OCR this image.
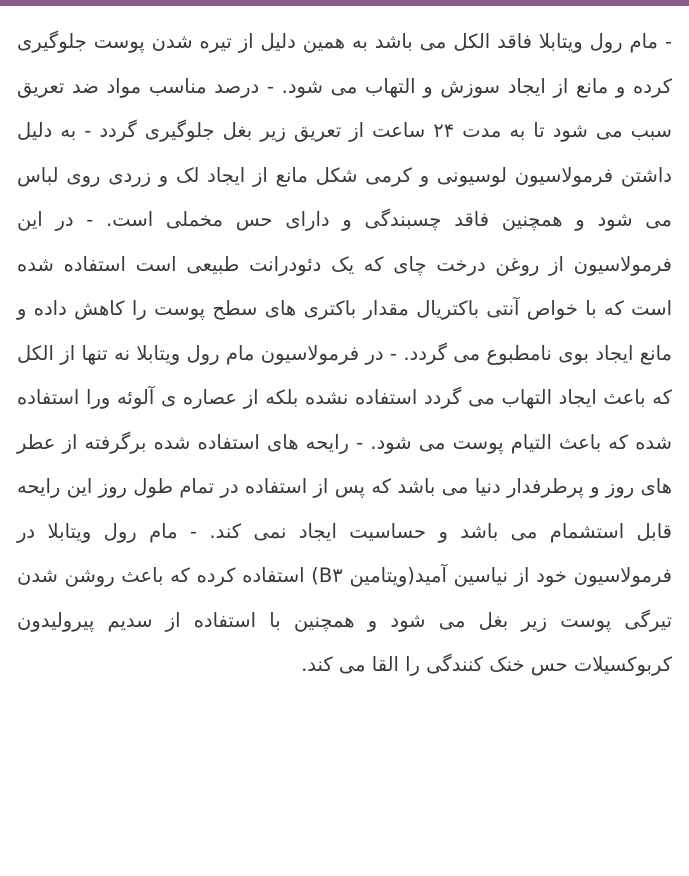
- مام رول ویتابلا فاقد الکل می باشد به همین دلیل از تیره شدن پوست جلوگیری کرده و مانع از ایجاد سوزش و التهاب می شود. - درصد مناسب مواد ضد تعریق سبب می شود تا به مدت ۲۴ ساعت از تعریق زیر بغل جلوگیری گردد - به دلیل داشتن فرمولاسیون لوسیونی و کرمی شکل مانع از ایجاد لک و زردی روی لباس می شود و همچنین فاقد چسبندگی و دارای حس مخملی است. - در این فرمولاسیون از روغن درخت چای که یک دئودرانت طبیعی است استفاده شده است که با خواص آنتی باکتریال مقدار باکتری های سطح پوست را کاهش داده و مانع ایجاد بوی نامطبوع می گردد. - در فرمولاسیون مام رول ویتابلا نه تنها از الکل که باعث ایجاد التهاب می گردد استفاده نشده بلکه از عصاره ی آلوئه ورا استفاده شده که باعث التیام پوست می شود. - رایحه های استفاده شده برگرفته از عطر های روز و پرطرفدار دنیا می باشد که پس از استفاده در تمام طول روز این رایحه قابل استشمام می باشد و حساسیت ایجاد نمی کند. - مام رول ویتابلا در فرمولاسیون خود از نیاسین آمید(ویتامین B۳) استفاده کرده که باعث روشن شدن تیرگی پوست زیر بغل می شود و همچنین با استفاده از سدیم پیرولیدون کربوکسیلات حس خنک کنندگی را القا می کند.
